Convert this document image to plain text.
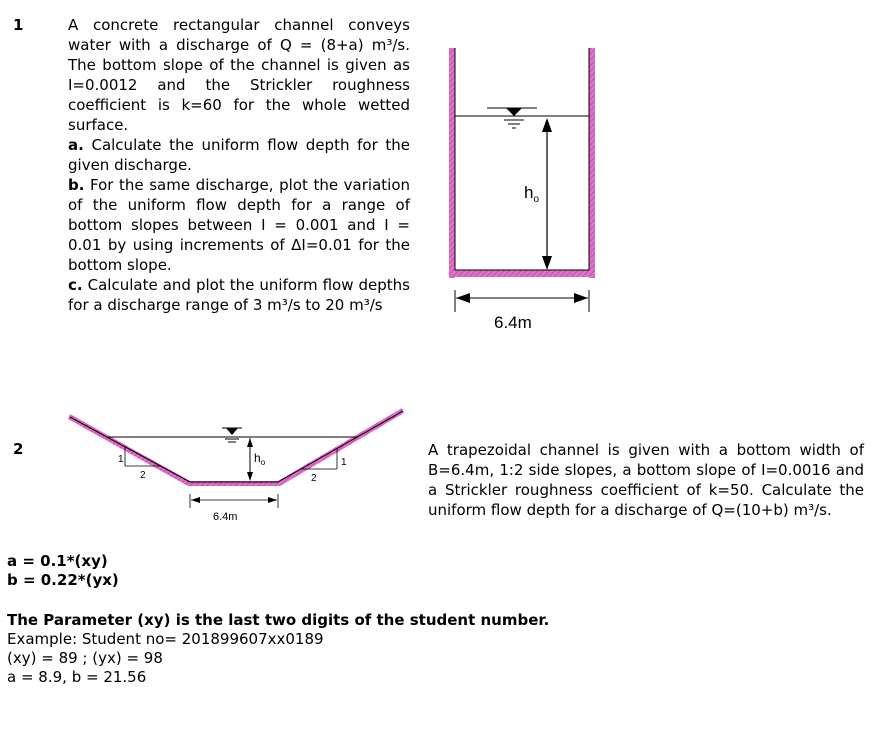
1	A concrete rectangular channel conveys water with a discharge of Q = (8+a) m³/s. The bottom slope of the channel is given as I=0.0012 and the Strickler roughness coefficient is k=60 for the whole wetted surface.
a. Calculate the uniform flow depth for the given discharge.
b. For the same discharge, plot the variation of the uniform flow depth for a range of bottom slopes between I = 0.001 and I = 0.01 by using increments of ΔI=0.01 for the bottom slope.
c. Calculate and plot the uniform flow depths for a discharge range of 3 m³/s to 20 m³/s
$h_o$
6.4m
2	$h_o$
1
2
1
2
6.4m
A trapezoidal channel is given with a bottom width of B=6.4m, 1:2 side slopes, a bottom slope of I=0.0016 and a Strickler roughness coefficient of k=50. Calculate the uniform flow depth for a discharge of Q=(10+b) m³/s.
a = 0.1*(xy)
b = 0.22*(yx)
The Parameter (xy) is the last two digits of the student number.
Example: Student no= 201899607xx0189
(xy) = 89 ; (yx) = 98
a = 8.9, b = 21.56
